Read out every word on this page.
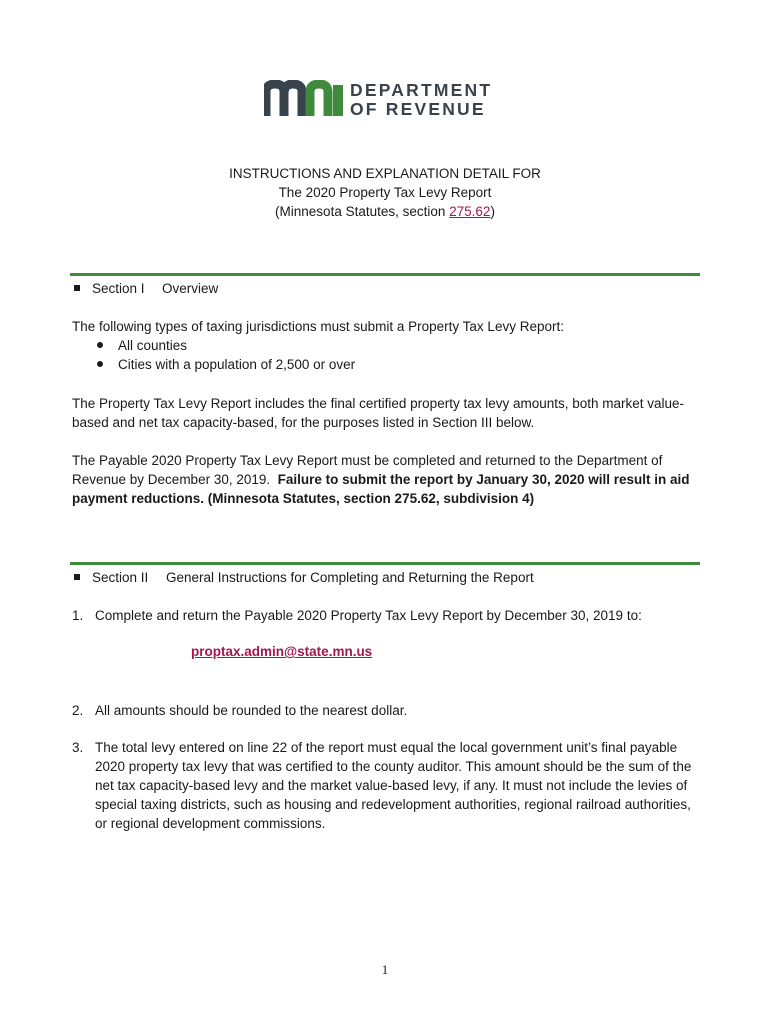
DEPARTMENT
OF REVENUE
INSTRUCTIONS AND EXPLANATION DETAIL FOR
The 2020 Property Tax Levy Report
(Minnesota Statutes, section 275.62)
Section I Overview
The following types of taxing jurisdictions must submit a Property Tax Levy Report:
All counties
Cities with a population of 2,500 or over
The Property Tax Levy Report includes the final certified property tax levy amounts, both market value-based and net tax capacity-based, for the purposes listed in Section III below.
The Payable 2020 Property Tax Levy Report must be completed and returned to the Department of Revenue by December 30, 2019. Failure to submit the report by January 30, 2020 will result in aid payment reductions. (Minnesota Statutes, section 275.62, subdivision 4)
Section II General Instructions for Completing and Returning the Report
1. Complete and return the Payable 2020 Property Tax Levy Report by December 30, 2019 to:
proptax.admin@state.mn.us
2. All amounts should be rounded to the nearest dollar.
3. The total levy entered on line 22 of the report must equal the local government unit’s final payable 2020 property tax levy that was certified to the county auditor. This amount should be the sum of the net tax capacity-based levy and the market value-based levy, if any. It must not include the levies of special taxing districts, such as housing and redevelopment authorities, regional railroad authorities, or regional development commissions.
1
